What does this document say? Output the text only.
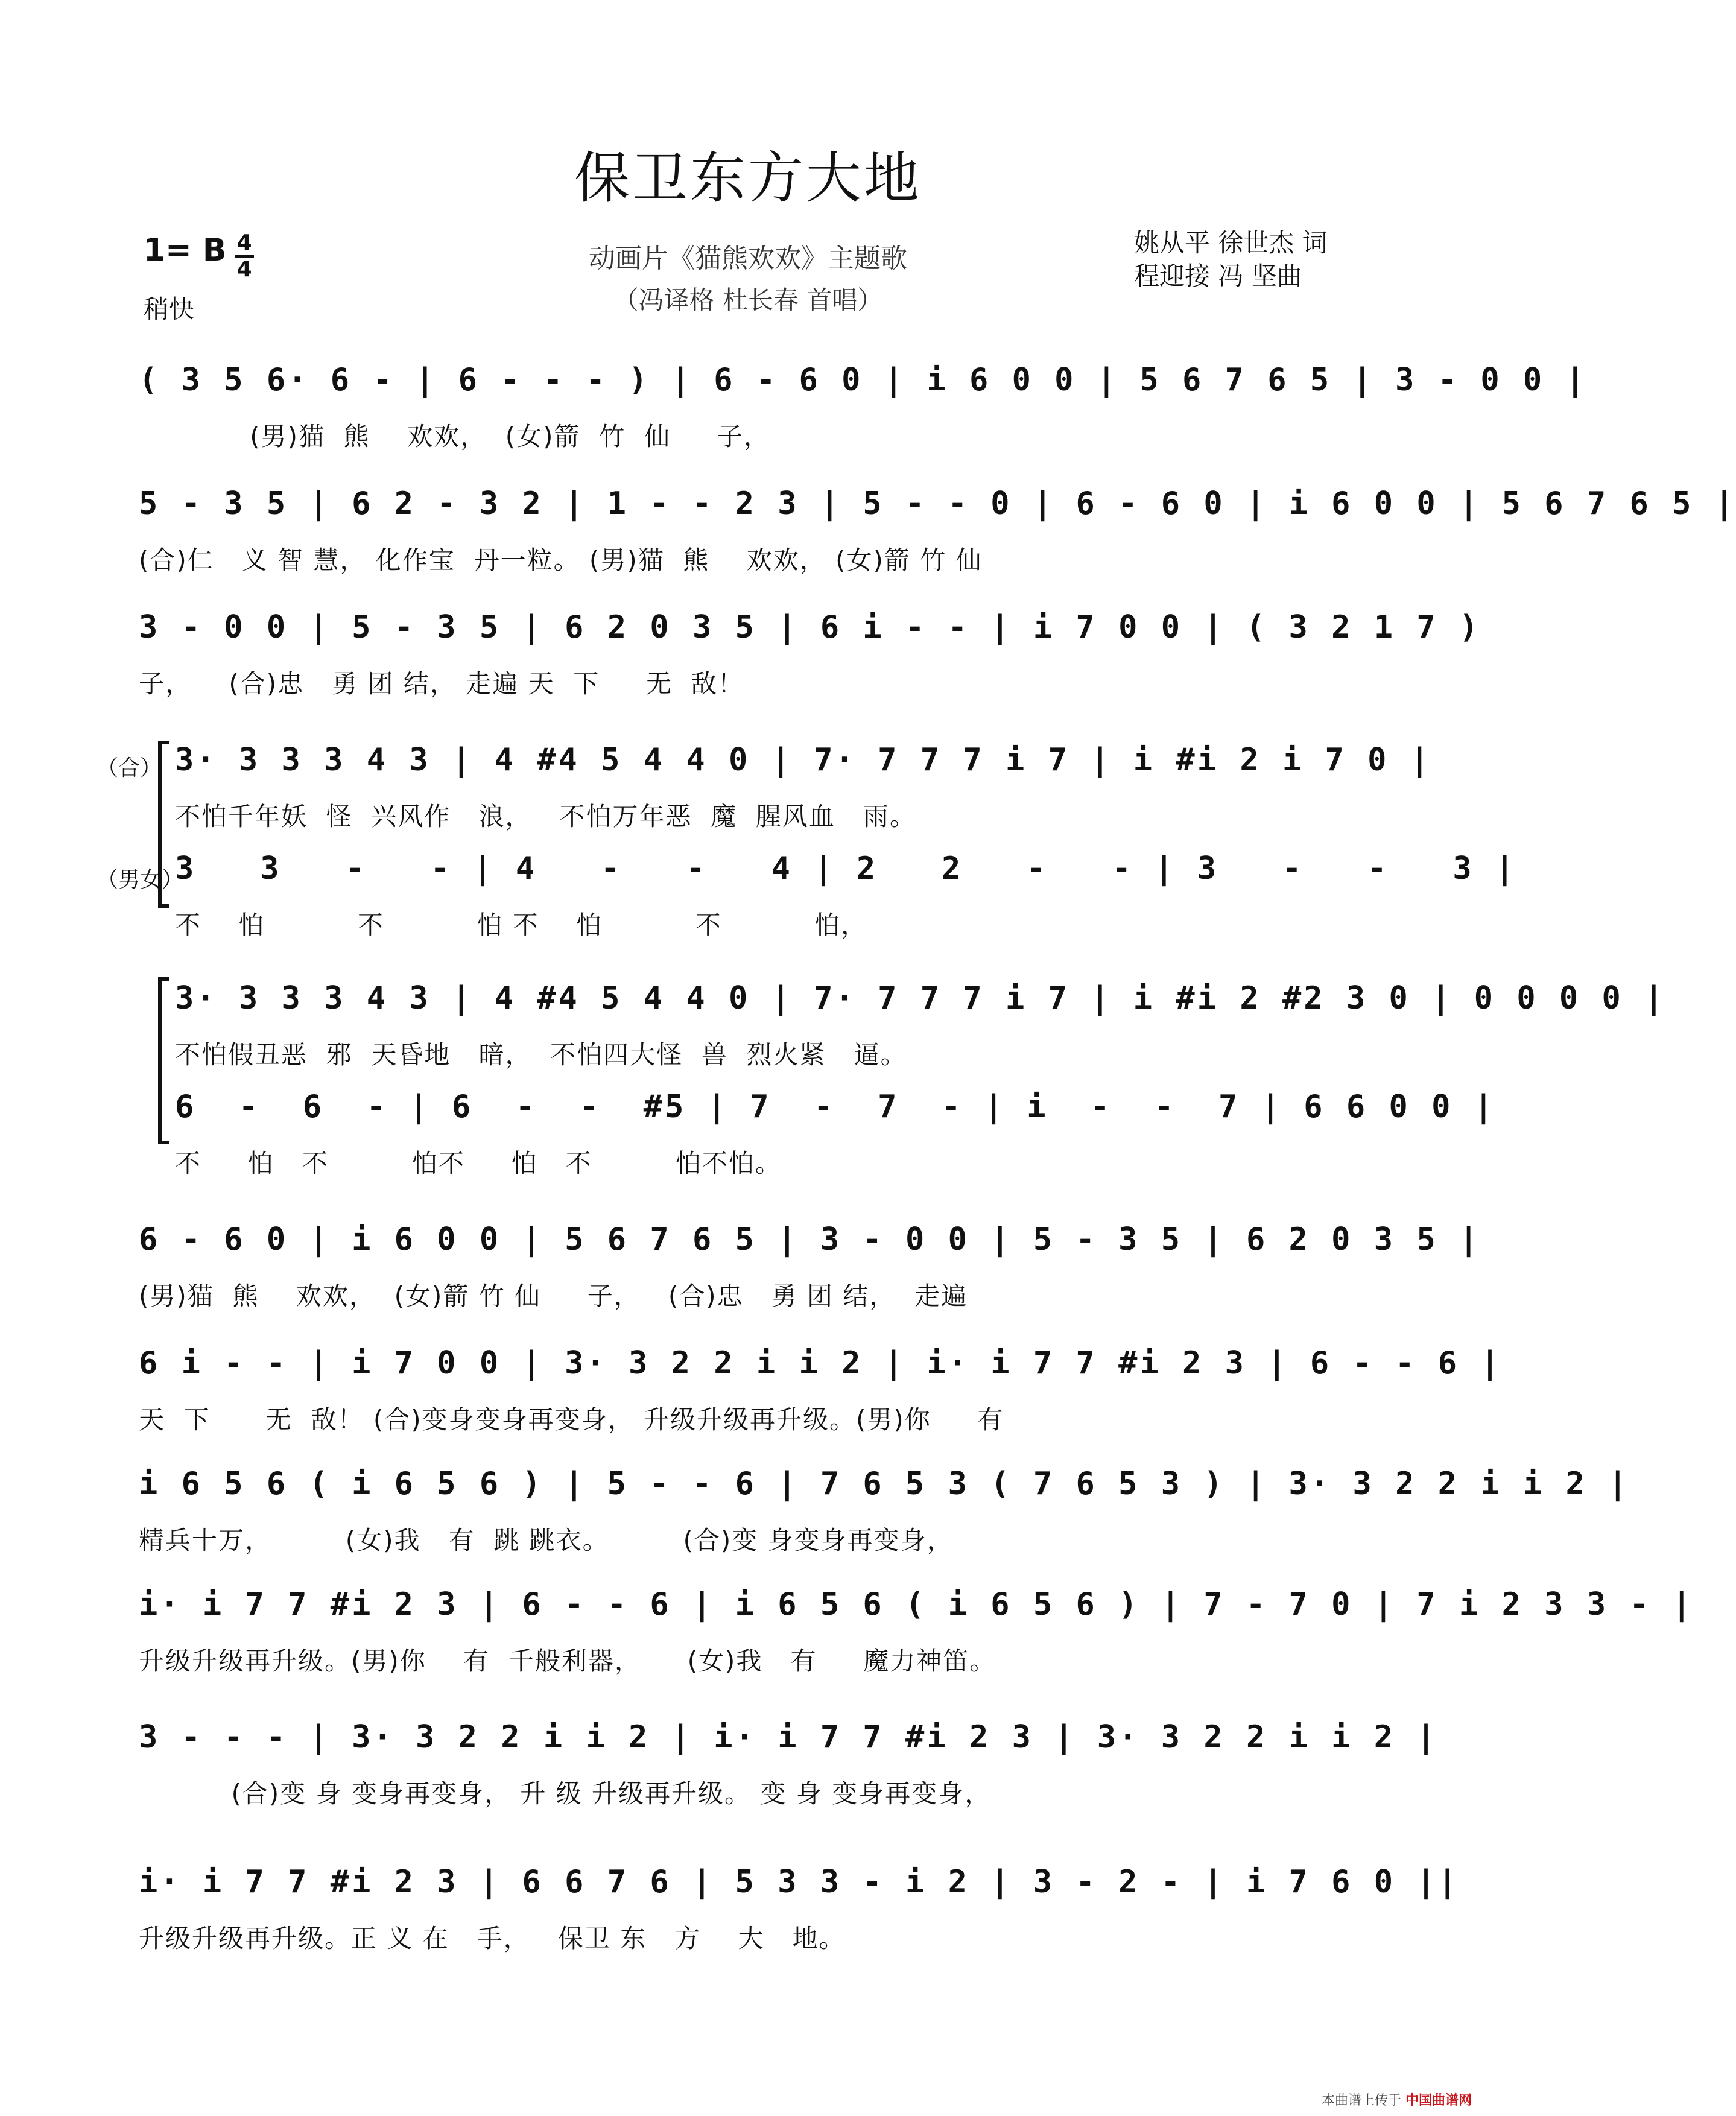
保卫东方大地
1= B 4
4
稍快
动画片《猫熊欢欢》主题歌
（冯译格 杜长春 首唱）
姚从平 徐世杰 词
程迎接 冯 坚曲
( 3 5 6· 6 - | 6 - - - ) | 6 - 6 0 | i 6 0 0 | 5 6 7 6 5 | 3 - 0 0 |
(男)猫  熊    欢欢，  (女)箭  竹  仙     子，
5 - 3 5 | 6 2 - 3 2 | 1 - - 2 3 | 5 - - 0 | 6 - 6 0 | i 6 0 0 | 5 6 7 6 5 |
(合)仁   义 智 慧， 化作宝  丹一粒。 (男)猫  熊    欢欢， (女)箭 竹 仙
3 - 0 0 | 5 - 3 5 | 6 2 0 3 5 | 6 i - - | i 7 0 0 | ( 3 2 1 7 )
子，    (合)忠   勇 团 结， 走遍 天  下     无  敌！
（合）
（男女）
3· 3 3 3 4 3 | 4 #4 5 4 4 0 | 7· 7 7 7 i 7 | i #i 2 i 7 0 |
不怕千年妖  怪  兴风作   浪，   不怕万年恶  魔  腥风血   雨。
3   3   -   - | 4   -   -   4 | 2   2   -   - | 3   -   -   3 |
不    怕          不          怕 不    怕          不          怕，
3· 3 3 3 4 3 | 4 #4 5 4 4 0 | 7· 7 7 7 i 7 | i #i 2 #2 3 0 | 0 0 0 0 |
不怕假丑恶  邪  天昏地   暗，  不怕四大怪  兽  烈火紧   逼。
6  -  6  - | 6  -  -  #5 | 7  -  7  - | i  -  -  7 | 6 6 0 0 |
不     怕   不         怕不     怕   不         怕不怕。
6 - 6 0 | i 6 0 0 | 5 6 7 6 5 | 3 - 0 0 | 5 - 3 5 | 6 2 0 3 5 |
(男)猫  熊    欢欢，  (女)箭 竹 仙     子，   (合)忠   勇 团 结，  走遍
6 i - - | i 7 0 0 | 3· 3 2 2 i i 2 | i· i 7 7 #i 2 3 | 6 - - 6 |
天  下      无  敌！ (合)变身变身再变身， 升级升级再升级。(男)你     有
i 6 5 6 ( i 6 5 6 ) | 5 - - 6 | 7 6 5 3 ( 7 6 5 3 ) | 3· 3 2 2 i i 2 |
精兵十万，        (女)我   有  跳 跳衣。        (合)变 身变身再变身，
i· i 7 7 #i 2 3 | 6 - - 6 | i 6 5 6 ( i 6 5 6 ) | 7 - 7 0 | 7 i 2 3 3 - |
升级升级再升级。(男)你    有  千般利器，     (女)我   有     魔力神笛。
3 - - - | 3· 3 2 2 i i 2 | i· i 7 7 #i 2 3 | 3· 3 2 2 i i 2 |
(合)变 身 变身再变身， 升 级 升级再升级。 变 身 变身再变身，
i· i 7 7 #i 2 3 | 6 6 7 6 | 5 3 3 - i 2 | 3 - 2 - | i 7 6 0 ||
升级升级再升级。正 义 在   手，   保卫 东   方    大   地。
本曲谱上传于 中国曲谱网
